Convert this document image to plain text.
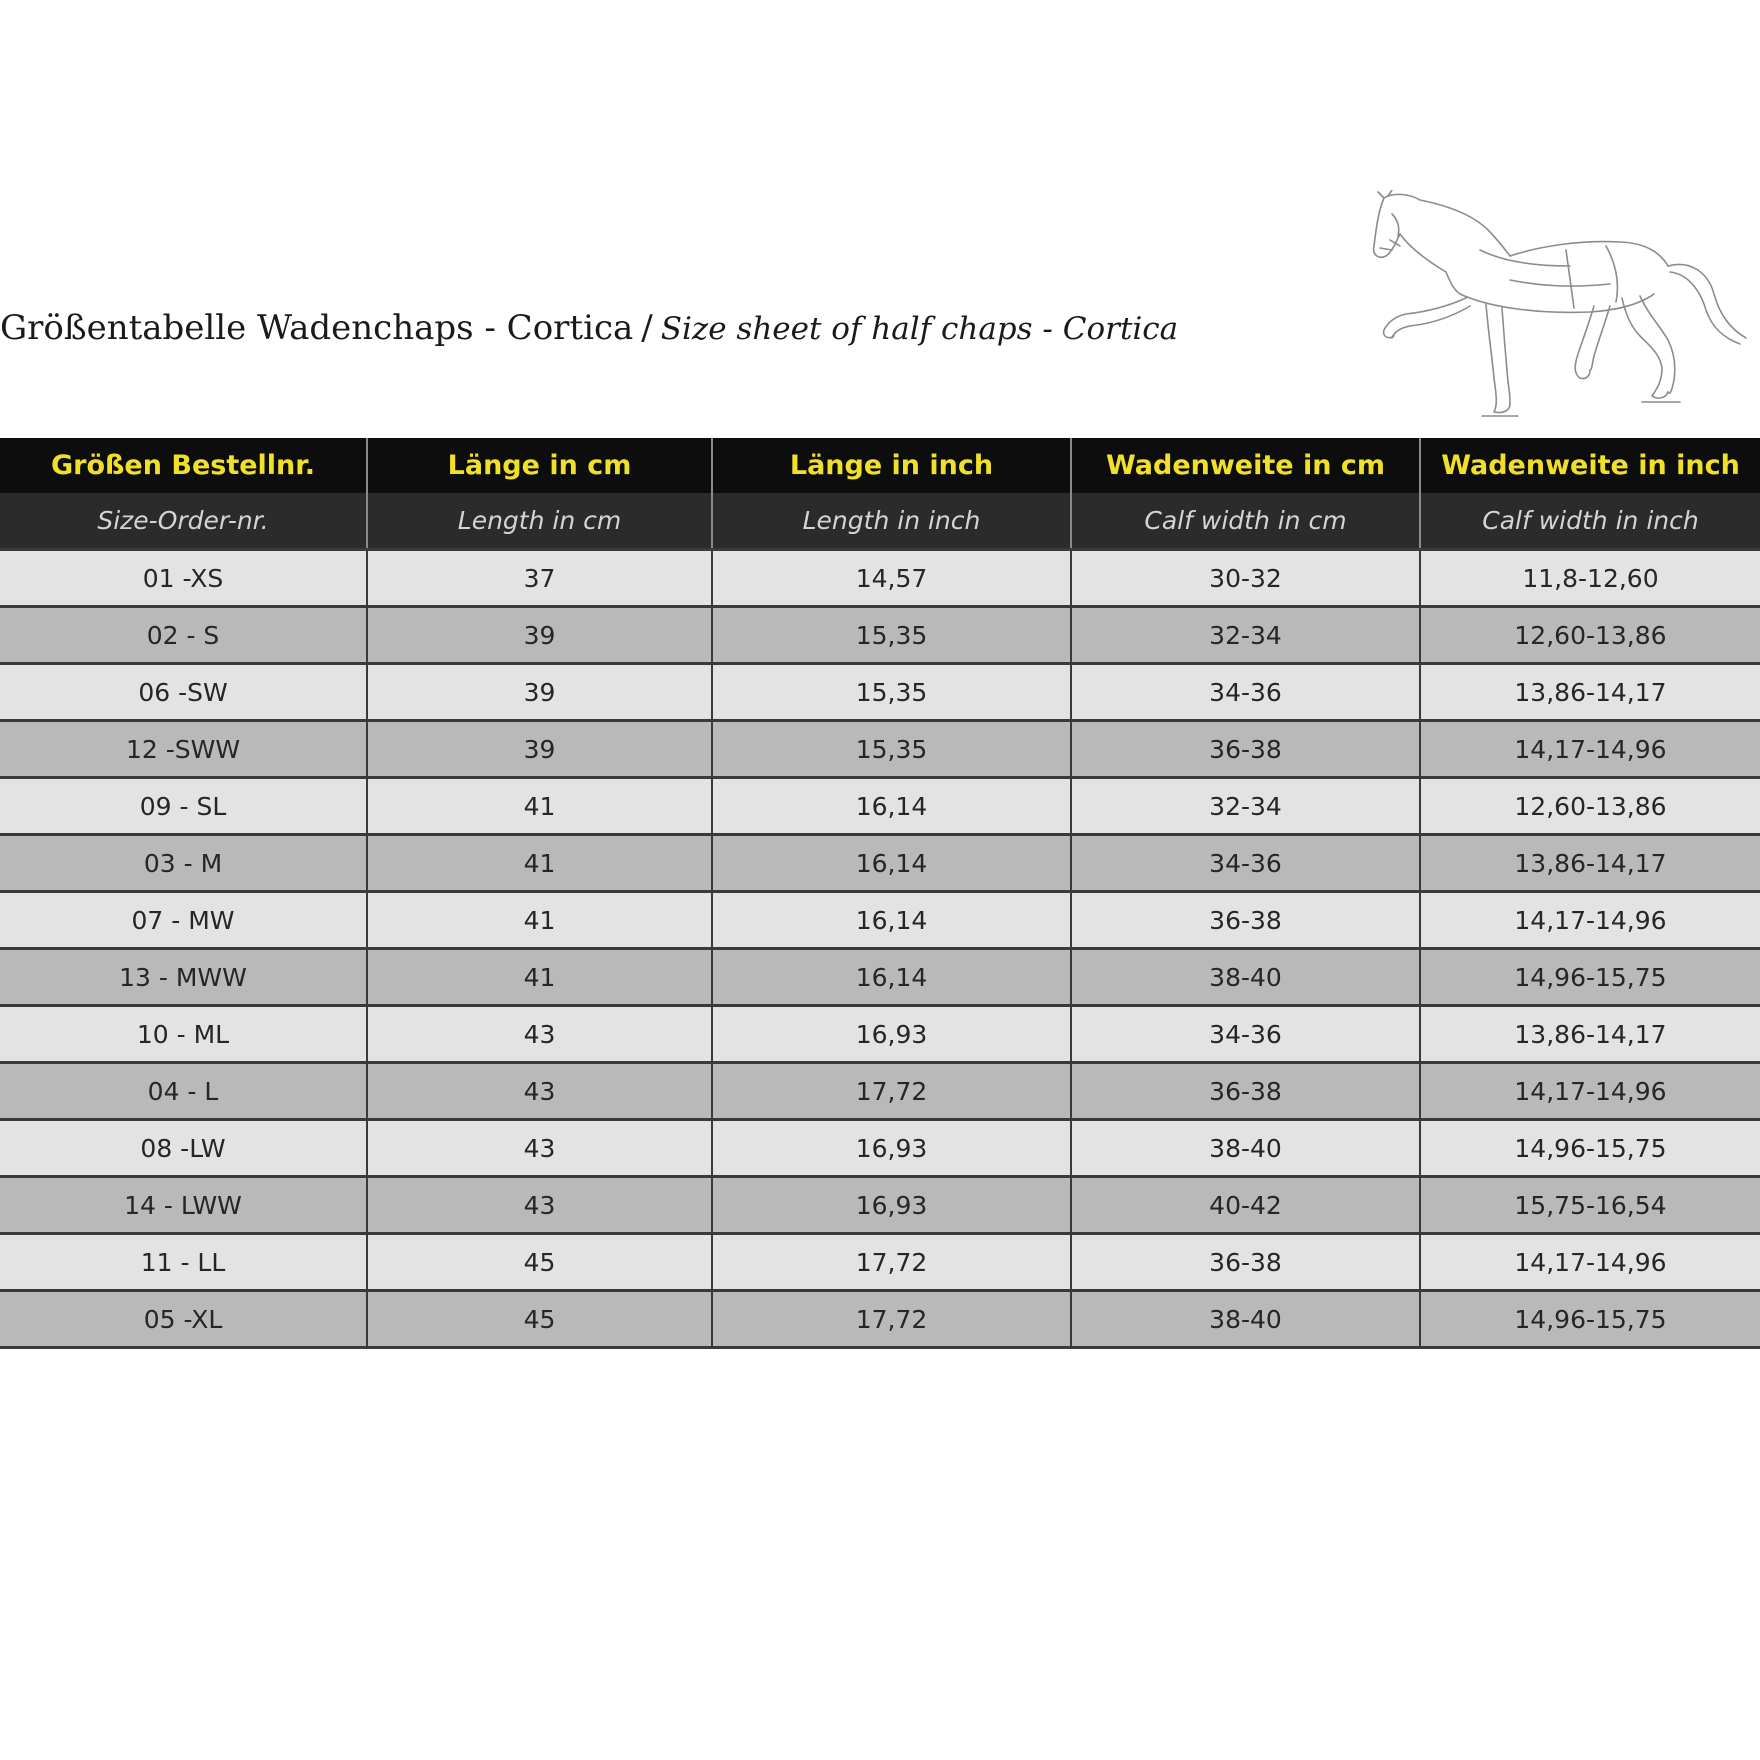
Größentabelle Wadenchaps - Cortica / Size sheet of half chaps - Cortica
Größen Bestellnr.	Länge in cm	Länge in inch	Wadenweite in cm	Wadenweite in inch
Size-Order-nr.	Length in cm	Length in inch	Calf width in cm	Calf width in inch
01 -XS	37	14,57	30-32	11,8-12,60
02 - S	39	15,35	32-34	12,60-13,86
06 -SW	39	15,35	34-36	13,86-14,17
12 -SWW	39	15,35	36-38	14,17-14,96
09 - SL	41	16,14	32-34	12,60-13,86
03 - M	41	16,14	34-36	13,86-14,17
07 - MW	41	16,14	36-38	14,17-14,96
13 - MWW	41	16,14	38-40	14,96-15,75
10 - ML	43	16,93	34-36	13,86-14,17
04 - L	43	17,72	36-38	14,17-14,96
08 -LW	43	16,93	38-40	14,96-15,75
14 - LWW	43	16,93	40-42	15,75-16,54
11 - LL	45	17,72	36-38	14,17-14,96
05 -XL	45	17,72	38-40	14,96-15,75
